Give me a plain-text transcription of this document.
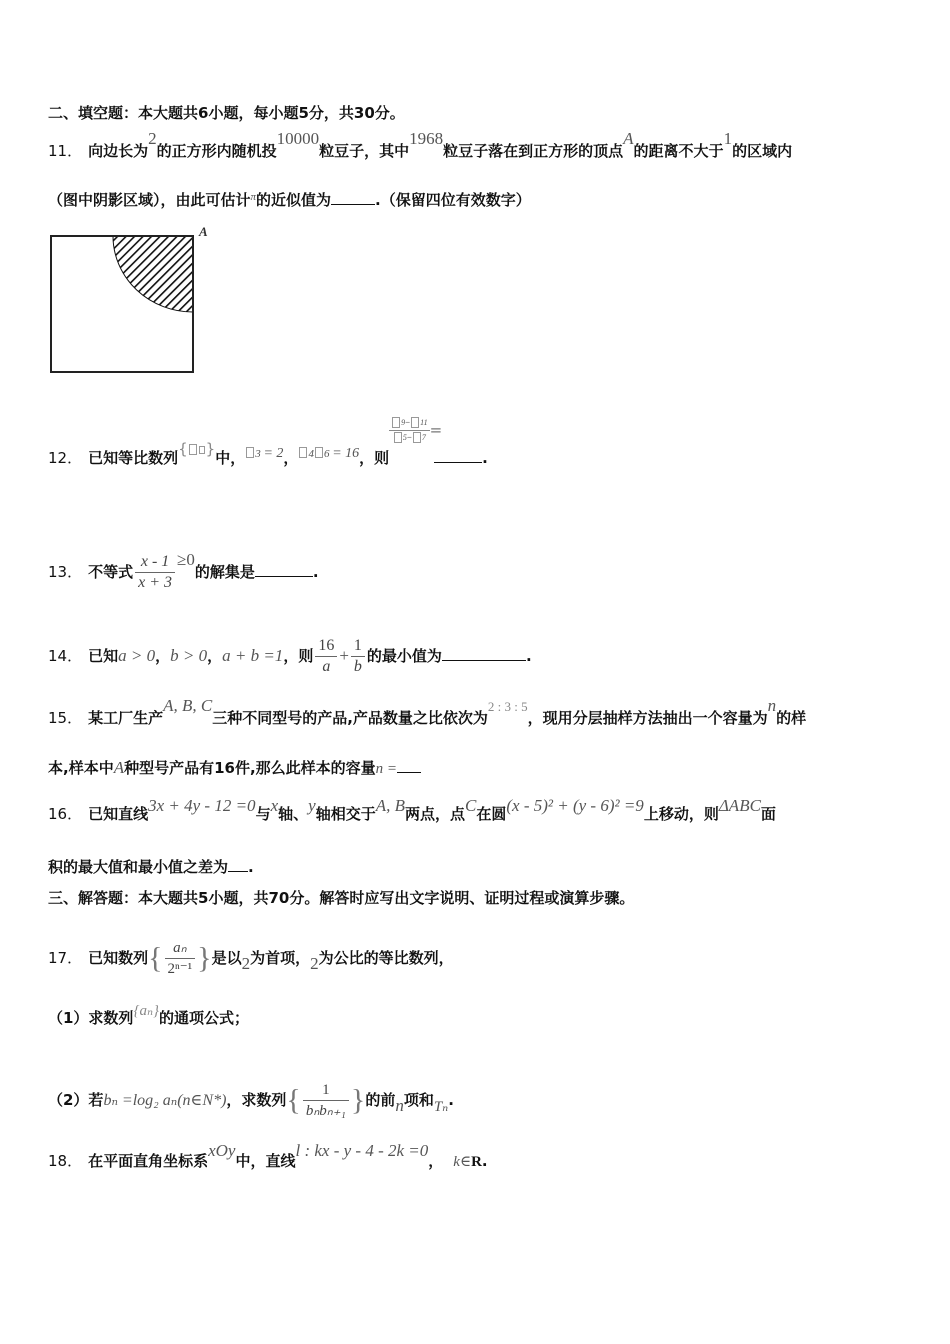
二、填空题：本大题共6小题，每小题5分，共30分。
11． 向边长为2的正方形内随机投10000粒豆子，其中1968粒豆子落在到正方形的顶点A的距离不大于1的区域内
（图中阴影区域），由此可估计$^\pi$的近似值为	.（保留四位有效数字）
A
12． 已知等比数列{ }中， 3 = 2， 4 6 = 16，则
$\frac{9- 11}{5- 7}$ =.
13． 不等式 $\frac{x - 1}{x + 3} \ge 0$的解集是	.
14． 已知a > 0，b > 0，a + b =1，则 $\frac{16}{a} + \frac{1}{b}$ 的最小值为	.
15． 某工厂生产A, B, C三种不同型号的产品,产品数量之比依次为2 : 3 : 5，现用分层抽样方法抽出一个容量为n的样
本,样本中A种型号产品有16件,那么此样本的容量n =
16． 已知直线3x + 4y - 12 =0与x轴、y轴相交于A, B两点，点C在圆(x - 5)² + (y - 6)² =9上移动，则ΔABC面
积的最大值和最小值之差为 .
三、解答题：本大题共5小题，共70分。解答时应写出文字说明、证明过程或演算步骤。
17． 已知数列{ $\frac{\text{aₙ}}{\text{2ⁿ⁻¹}}$ }是以2为首项，2为公比的等比数列，
（1）求数列{aₙ}的通项公式；
（2）若bₙ =log₂ aₙ(n∈N*)，求数列{ $\frac{1}{\text{bₙbₙ₊₁}}$ }的前n项和Tₙ.
18． 在平面直角坐标系xOy中，直线l : kx - y - 4 - 2k =0， k∈R.
